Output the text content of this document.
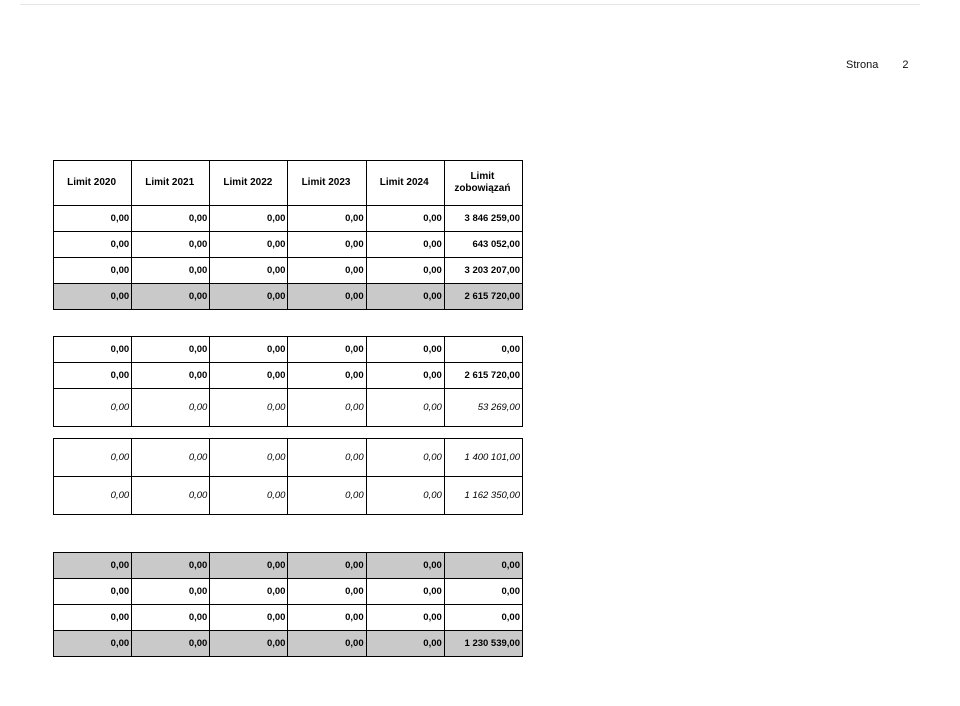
Strona 2
Limit 2020	Limit 2021	Limit 2022	Limit 2023	Limit 2024	Limit zobowiązań
0,00	0,00	0,00	0,00	0,00	3 846 259,00
0,00	0,00	0,00	0,00	0,00	643 052,00
0,00	0,00	0,00	0,00	0,00	3 203 207,00
0,00	0,00	0,00	0,00	0,00	2 615 720,00
0,00	0,00	0,00	0,00	0,00	0,00
0,00	0,00	0,00	0,00	0,00	2 615 720,00
0,00	0,00	0,00	0,00	0,00	53 269,00
0,00	0,00	0,00	0,00	0,00	1 400 101,00
0,00	0,00	0,00	0,00	0,00	1 162 350,00
0,00	0,00	0,00	0,00	0,00	0,00
0,00	0,00	0,00	0,00	0,00	0,00
0,00	0,00	0,00	0,00	0,00	0,00
0,00	0,00	0,00	0,00	0,00	1 230 539,00
